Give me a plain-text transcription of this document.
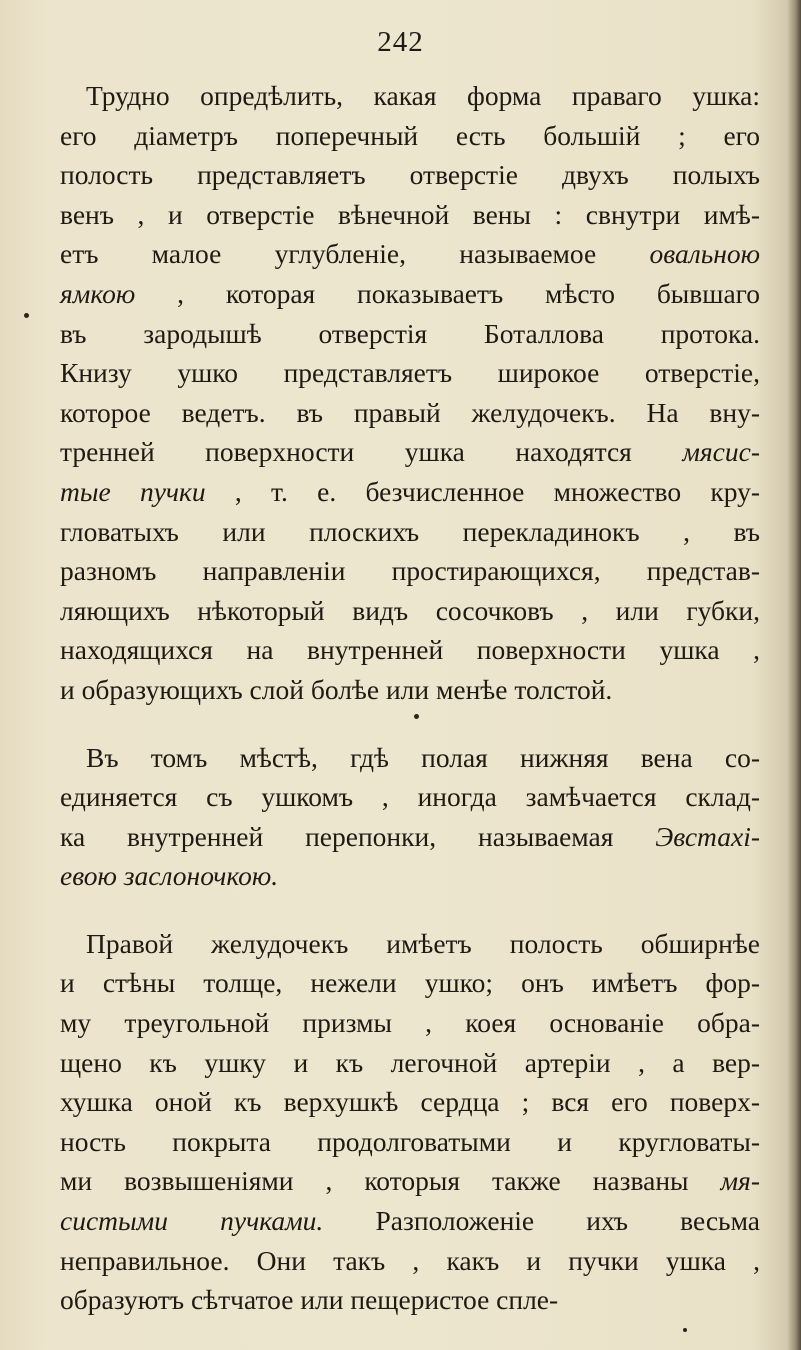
242
Трудно опредѣлить, какая форма праваго ушка:
его діаметръ поперечный есть большій ; его
полость представляетъ отверстіе двухъ полыхъ
венъ , и отверстіе вѣнечной вены : свнутри имѣ-
етъ малое углубленіе, называемое овальною
ямкою , которая показываетъ мѣсто бывшаго
въ зародышѣ отверстія Боталлова протока.
Книзу ушко представляетъ широкое отверстіе,
которое ведетъ. въ правый желудочекъ. На вну-
тренней поверхности ушка находятся мясис-
тые пучки , т. е. безчисленное множество кру-
гловатыхъ или плоскихъ перекладинокъ , въ
разномъ направленіи простирающихся, представ-
ляющихъ нѣкоторый видъ сосочковъ , или губки,
находящихся на внутренней поверхности ушка ,
и образующихъ слой болѣе или менѣе толстой.
Въ томъ мѣстѣ, гдѣ полая нижняя вена со-
единяется съ ушкомъ , иногда замѣчается склад-
ка внутренней перепонки, называемая Эвстахі-
евою заслоночкою.
Правой желудочекъ имѣетъ полость обширнѣе
и стѣны толще, нежели ушко; онъ имѣетъ фор-
му треугольной призмы , коея основаніе обра-
щено къ ушку и къ легочной артеріи , а вер-
хушка оной къ верхушкѣ сердца ; вся его поверх-
ность покрыта продолговатыми и кругловаты-
ми возвышеніями , которыя также названы мя-
систыми пучками. Разположеніе ихъ весьма
неправильное. Они такъ , какъ и пучки ушка ,
образуютъ сѣтчатое или пещеристое спле-
